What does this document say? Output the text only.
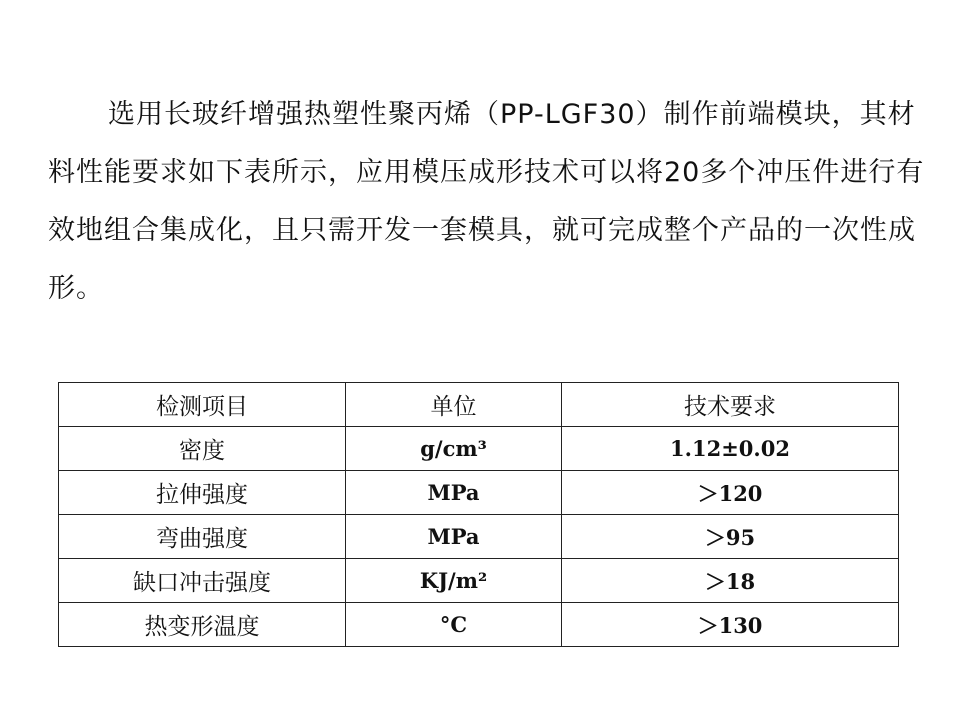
选用长玻纤增强热塑性聚丙烯（PP-LGF30）制作前端模块，其材料性能要求如下表所示，应用模压成形技术可以将20多个冲压件进行有效地组合集成化，且只需开发一套模具，就可完成整个产品的一次性成形。

检测项目	单位	技术要求
密度	g/cm³	1.12±0.02
拉伸强度	MPa	＞120
弯曲强度	MPa	＞95
缺口冲击强度	KJ/m²	＞18
热变形温度	°C	＞130
